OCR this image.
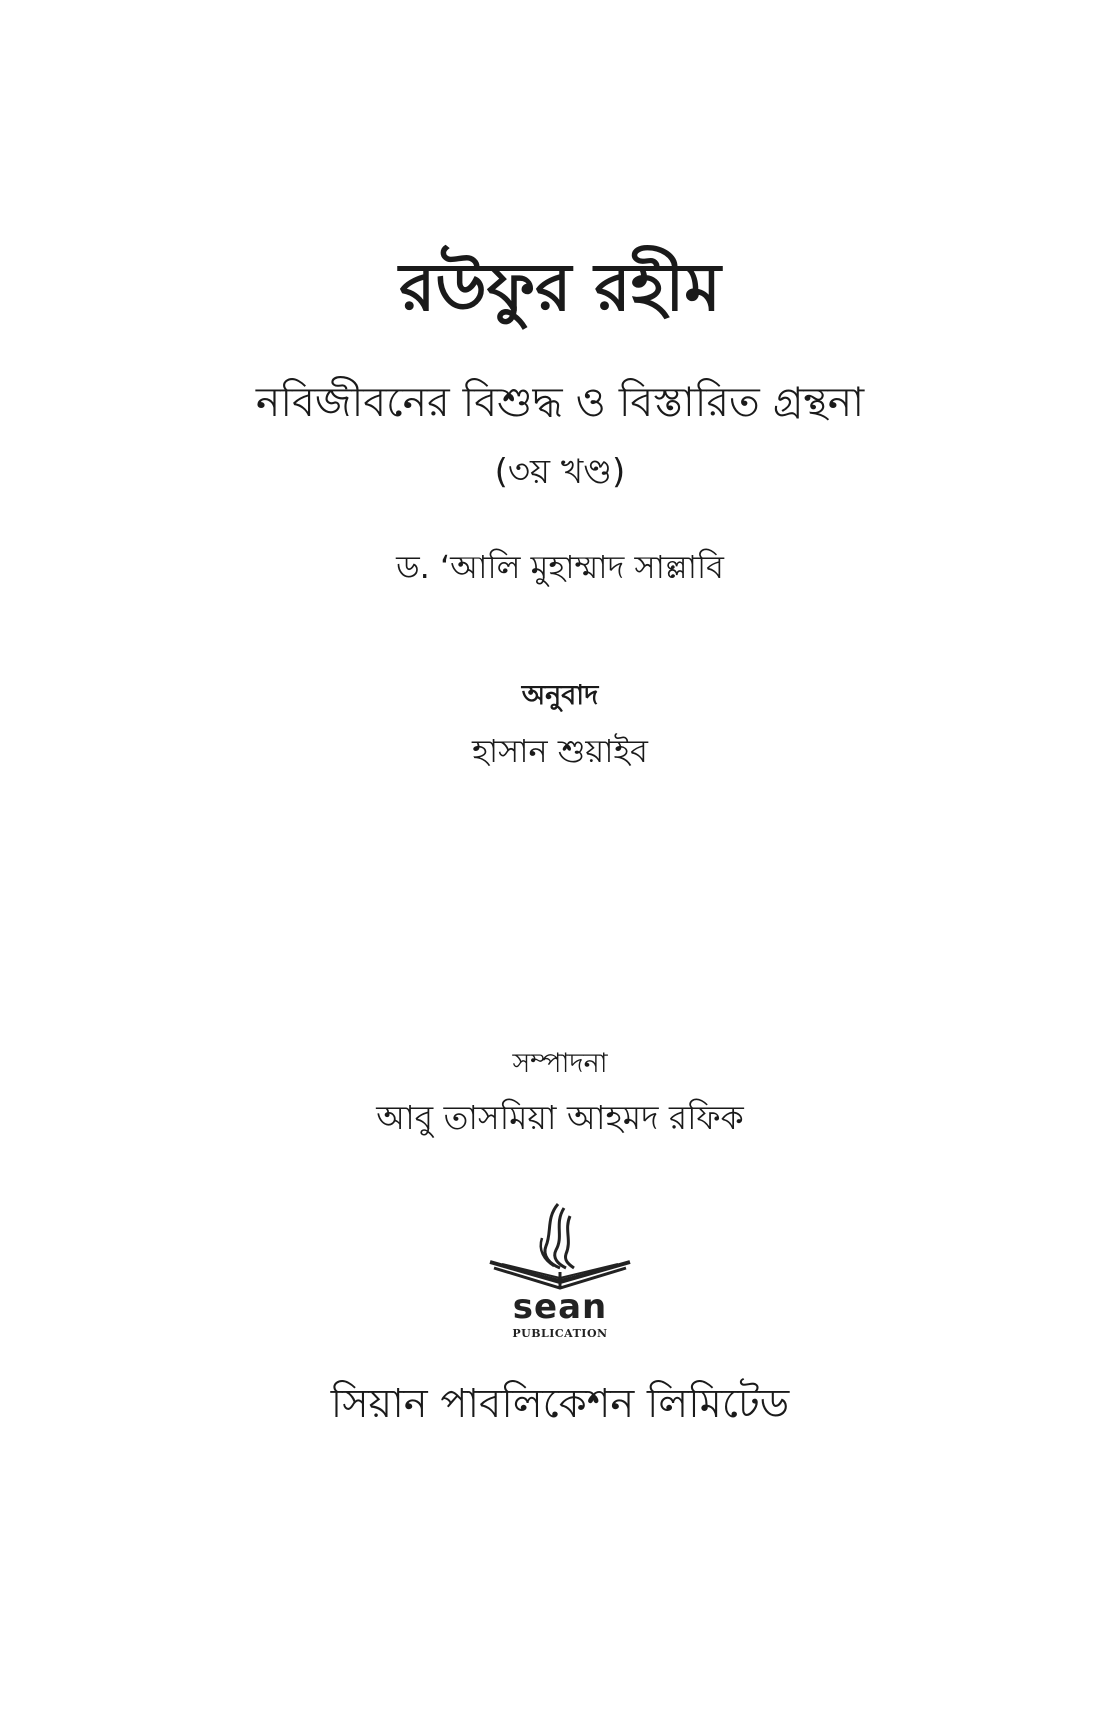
রউফুর রহীম
নবিজীবনের বিশুদ্ধ ও বিস্তারিত গ্রন্থনা
(৩য় খণ্ড)
ড. ‘আলি মুহাম্মাদ সাল্লাবি
অনুবাদ
হাসান শুয়াইব
সম্পাদনা
আবু তাসমিয়া আহমদ রফিক
sean
PUBLICATION
সিয়ান পাবলিকেশন লিমিটেড
